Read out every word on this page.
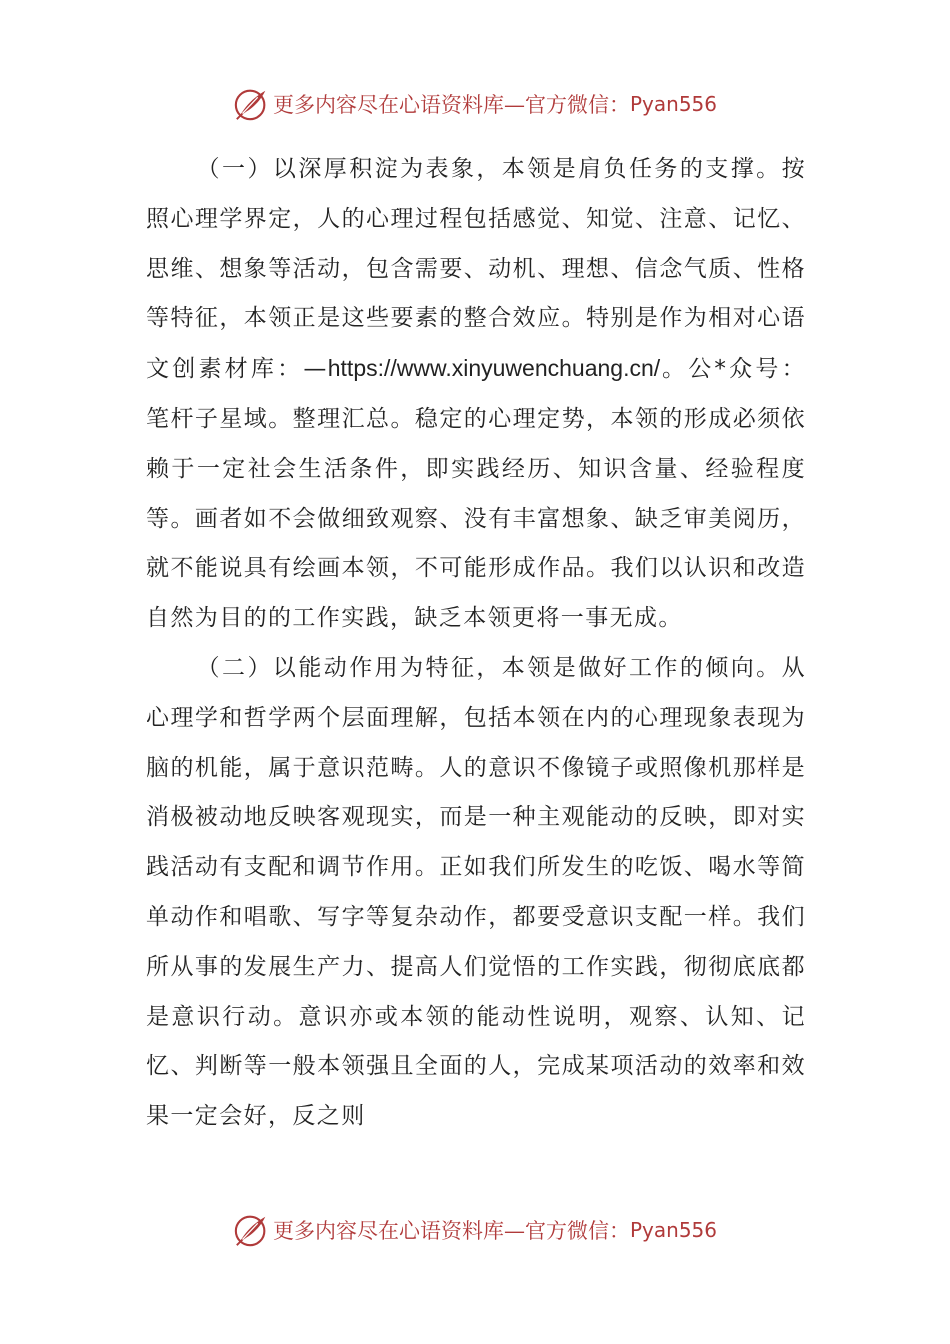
更多内容尽在心语资料库— 官方微信： Pyan556

（一）以深厚积淀为表象，本领是肩负任务的支撑。按照心理学界定，人的心理过程包括感觉、知觉、注意、记忆、思维、想象等活动，包含需要、动机、理想、信念气质、性格等特征，本领正是这些要素的整合效应。特别是作为相对心语文创素材库：—https://www.xinyuwenchuang.cn/。公*众号：笔杆子星域。整理汇总。稳定的心理定势，本领的形成必须依赖于一定社会生活条件，即实践经历、知识含量、经验程度等。画者如不会做细致观察、没有丰富想象、缺乏审美阅历，就不能说具有绘画本领，不可能形成作品。我们以认识和改造自然为目的的工作实践，缺乏本领更将一事无成。

（二）以能动作用为特征，本领是做好工作的倾向。从心理学和哲学两个层面理解，包括本领在内的心理现象表现为脑的机能，属于意识范畴。人的意识不像镜子或照像机那样是消极被动地反映客观现实，而是一种主观能动的反映，即对实践活动有支配和调节作用。正如我们所发生的吃饭、喝水等简单动作和唱歌、写字等复杂动作，都要受意识支配一样。我们所从事的发展生产力、提高人们觉悟的工作实践，彻彻底底都是意识行动。意识亦或本领的能动性说明，观察、认知、记忆、判断等一般本领强且全面的人，完成某项活动的效率和效果一定会好，反之则

更多内容尽在心语资料库— 官方微信： Pyan556
